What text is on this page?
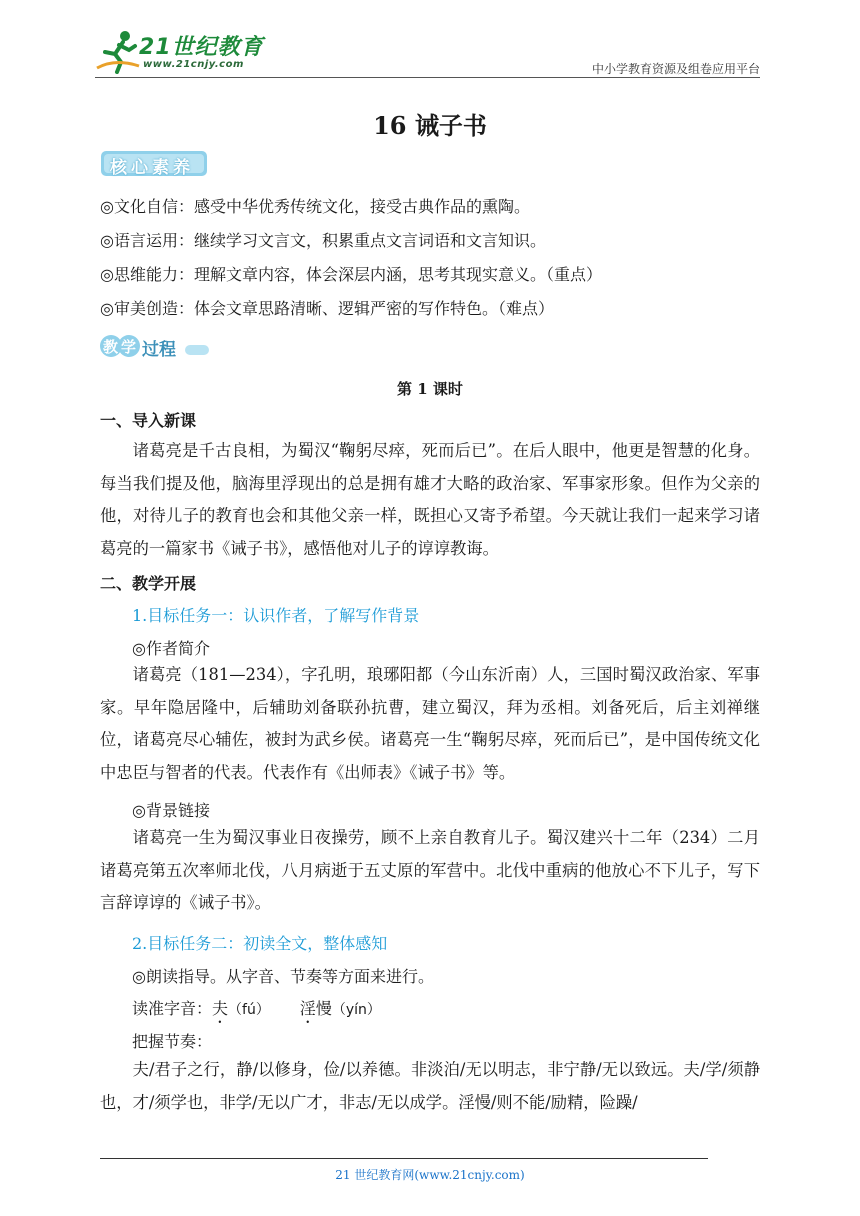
21世纪教育
www.21cnjy.com	中小学教育资源及组卷应用平台
16 诫子书
核心素养
◎文化自信：感受中华优秀传统文化，接受古典作品的熏陶。
◎语言运用：继续学习文言文，积累重点文言词语和文言知识。
◎思维能力：理解文章内容，体会深层内涵，思考其现实意义。（重点）
◎审美创造：体会文章思路清晰、逻辑严密的写作特色。（难点）
教 学 过程
第 1 课时
一、导入新课
诸葛亮是千古良相，为蜀汉“鞠躬尽瘁，死而后已”。在后人眼中，他更是智慧的化身。每当我们提及他，脑海里浮现出的总是拥有雄才大略的政治家、军事家形象。但作为父亲的他，对待儿子的教育也会和其他父亲一样，既担心又寄予希望。今天就让我们一起来学习诸葛亮的一篇家书《诫子书》，感悟他对儿子的谆谆教诲。
二、教学开展
1.目标任务一：认识作者，了解写作背景
◎作者简介
诸葛亮（181—234），字孔明，琅琊阳都（今山东沂南）人，三国时蜀汉政治家、军事家。早年隐居隆中，后辅助刘备联孙抗曹，建立蜀汉，拜为丞相。刘备死后，后主刘禅继位，诸葛亮尽心辅佐，被封为武乡侯。诸葛亮一生“鞠躬尽瘁，死而后已”，是中国传统文化中忠臣与智者的代表。代表作有《出师表》《诫子书》等。
◎背景链接
诸葛亮一生为蜀汉事业日夜操劳，顾不上亲自教育儿子。蜀汉建兴十二年（234）二月诸葛亮第五次率师北伐，八月病逝于五丈原的军营中。北伐中重病的他放心不下儿子，写下言辞谆谆的《诫子书》。
2.目标任务二：初读全文，整体感知
◎朗读指导。从字音、节奏等方面来进行。
读准字音：夫（fú） 淫慢（yín）
把握节奏：
夫/君子之行，静/以修身，俭/以养德。非淡泊/无以明志，非宁静/无以致远。夫/学/须静也，才/须学也，非学/无以广才，非志/无以成学。淫慢/则不能/励精，险躁/
21 世纪教育网(www.21cnjy.com)
